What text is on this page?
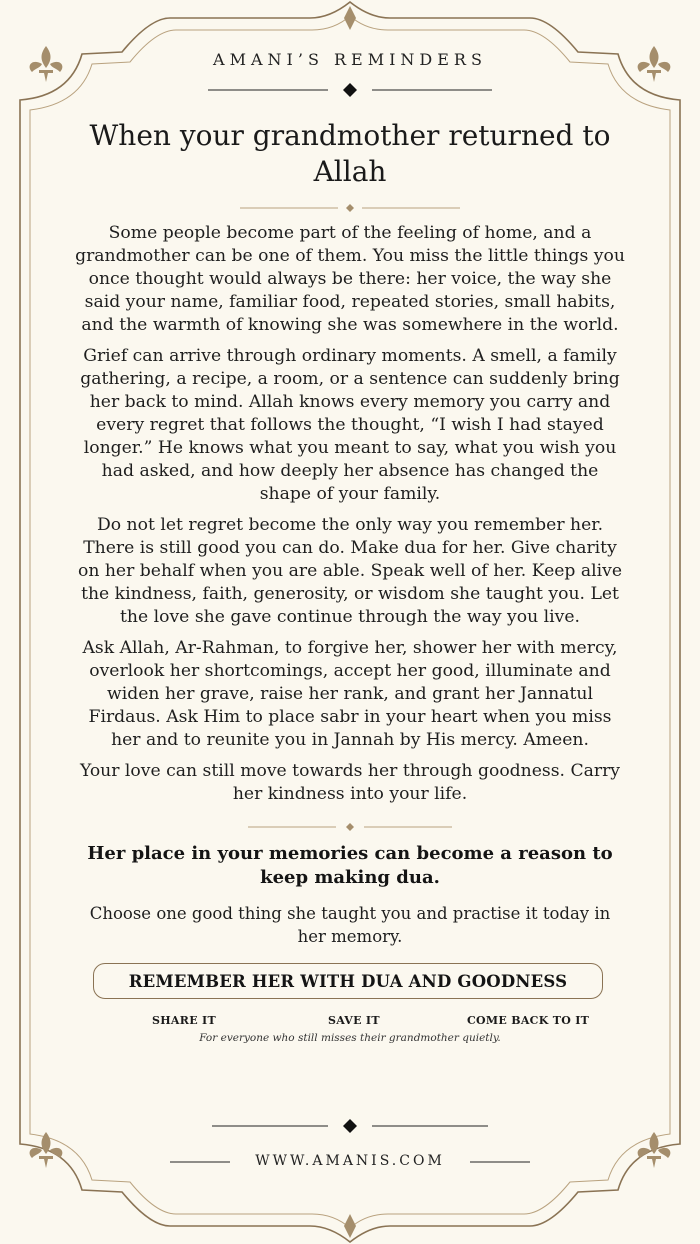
AMANI’S REMINDERS
When your grandmother returned to Allah

Some people become part of the feeling of home, and a grandmother can be one of them. You miss the little things you once thought would always be there: her voice, the way she said your name, familiar food, repeated stories, small habits, and the warmth of knowing she was somewhere in the world.

Grief can arrive through ordinary moments. A smell, a family gathering, a recipe, a room, or a sentence can suddenly bring her back to mind. Allah knows every memory you carry and every regret that follows the thought, “I wish I had stayed longer.” He knows what you meant to say, what you wish you had asked, and how deeply her absence has changed the shape of your family.

Do not let regret become the only way you remember her. There is still good you can do. Make dua for her. Give charity on her behalf when you are able. Speak well of her. Keep alive the kindness, faith, generosity, or wisdom she taught you. Let the love she gave continue through the way you live.

Ask Allah, Ar-Rahman, to forgive her, shower her with mercy, overlook her shortcomings, accept her good, illuminate and widen her grave, raise her rank, and grant her Jannatul Firdaus. Ask Him to place sabr in your heart when you miss her and to reunite you in Jannah by His mercy. Ameen.

Your love can still move towards her through goodness. Carry her kindness into your life.

Her place in your memories can become a reason to keep making dua.
Choose one good thing she taught you and practise it today in her memory.
REMEMBER HER WITH DUA AND GOODNESS
SHARE IT	SAVE IT	COME BACK TO IT
For everyone who still misses their grandmother quietly.
WWW.AMANIS.COM
